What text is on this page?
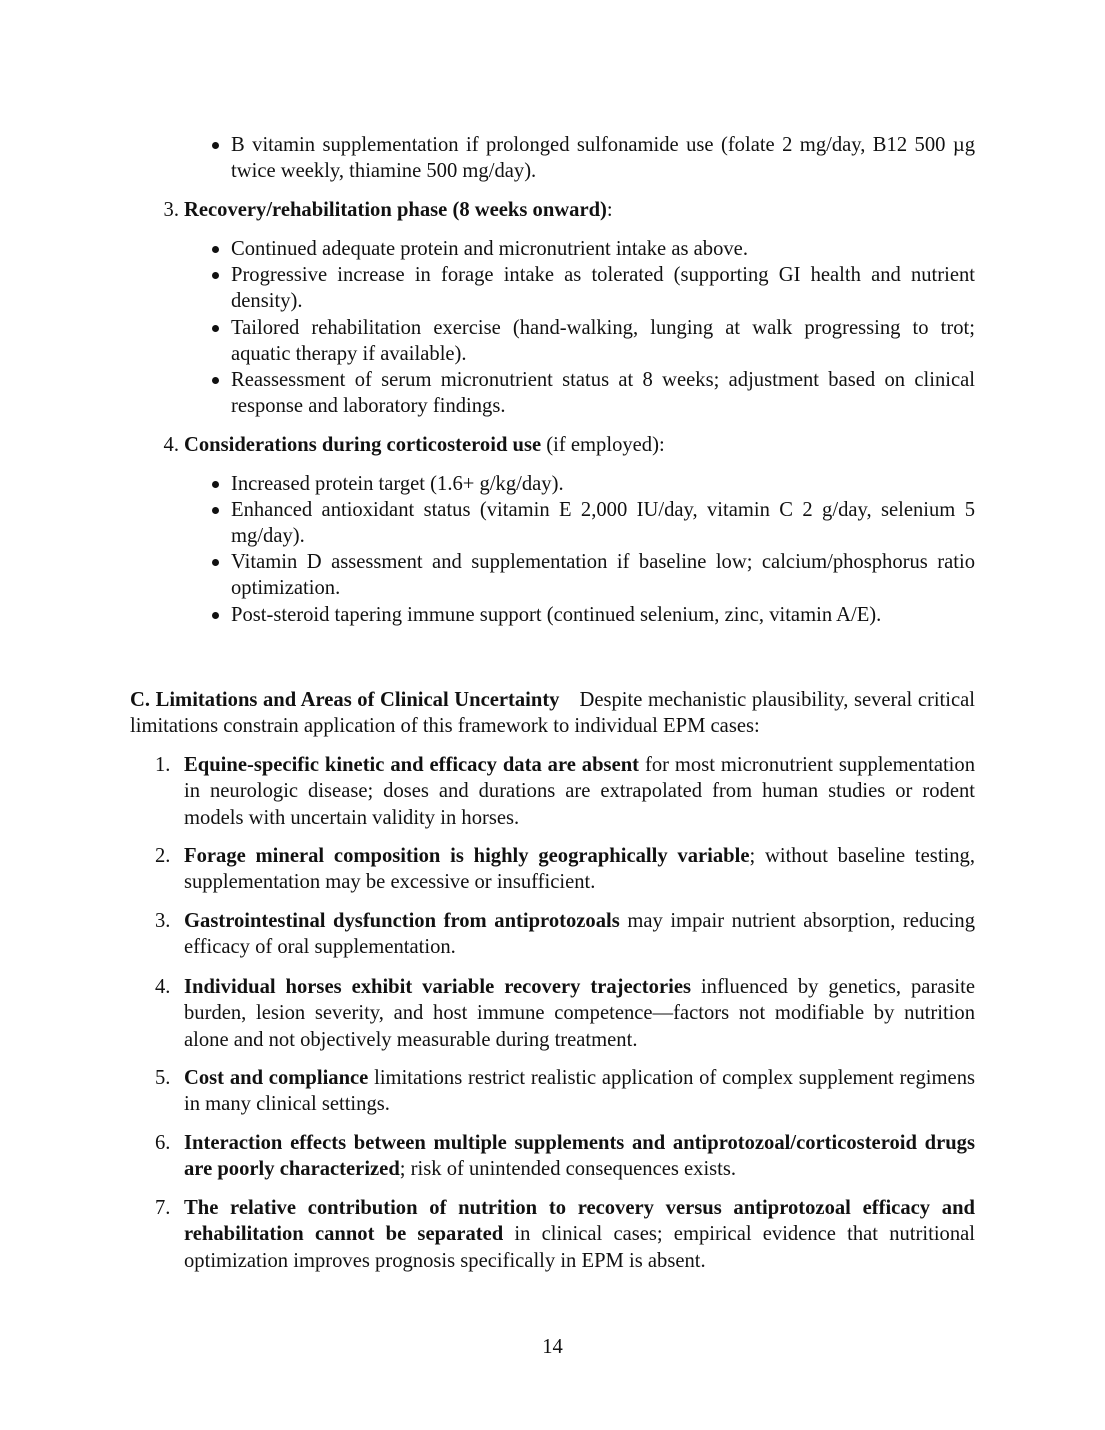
B vitamin supplementation if prolonged sulfonamide use (folate 2 mg/day, B12 500 µg twice weekly, thiamine 500 mg/day).
3. Recovery/rehabilitation phase (8 weeks onward):
Continued adequate protein and micronutrient intake as above.
Progressive increase in forage intake as tolerated (supporting GI health and nutrient density).
Tailored rehabilitation exercise (hand-walking, lunging at walk progressing to trot; aquatic therapy if available).
Reassessment of serum micronutrient status at 8 weeks; adjustment based on clinical response and laboratory findings.
4. Considerations during corticosteroid use (if employed):
Increased protein target (1.6+ g/kg/day).
Enhanced antioxidant status (vitamin E 2,000 IU/day, vitamin C 2 g/day, selenium 5 mg/day).
Vitamin D assessment and supplementation if baseline low; calcium/phosphorus ratio optimization.
Post-steroid tapering immune support (continued selenium, zinc, vitamin A/E).
C. Limitations and Areas of Clinical Uncertainty Despite mechanistic plausibility, several critical limitations constrain application of this framework to individual EPM cases:
1. Equine-specific kinetic and efficacy data are absent for most micronutrient supplementation in neurologic disease; doses and durations are extrapolated from human studies or rodent models with uncertain validity in horses.
2. Forage mineral composition is highly geographically variable; without baseline testing, supplementation may be excessive or insufficient.
3. Gastrointestinal dysfunction from antiprotozoals may impair nutrient absorption, reducing efficacy of oral supplementation.
4. Individual horses exhibit variable recovery trajectories influenced by genetics, parasite burden, lesion severity, and host immune competence—factors not modifiable by nutrition alone and not objectively measurable during treatment.
5. Cost and compliance limitations restrict realistic application of complex supplement regimens in many clinical settings.
6. Interaction effects between multiple supplements and antiprotozoal/corticosteroid drugs are poorly characterized; risk of unintended consequences exists.
7. The relative contribution of nutrition to recovery versus antiprotozoal efficacy and rehabilitation cannot be separated in clinical cases; empirical evidence that nutritional optimization improves prognosis specifically in EPM is absent.
14
